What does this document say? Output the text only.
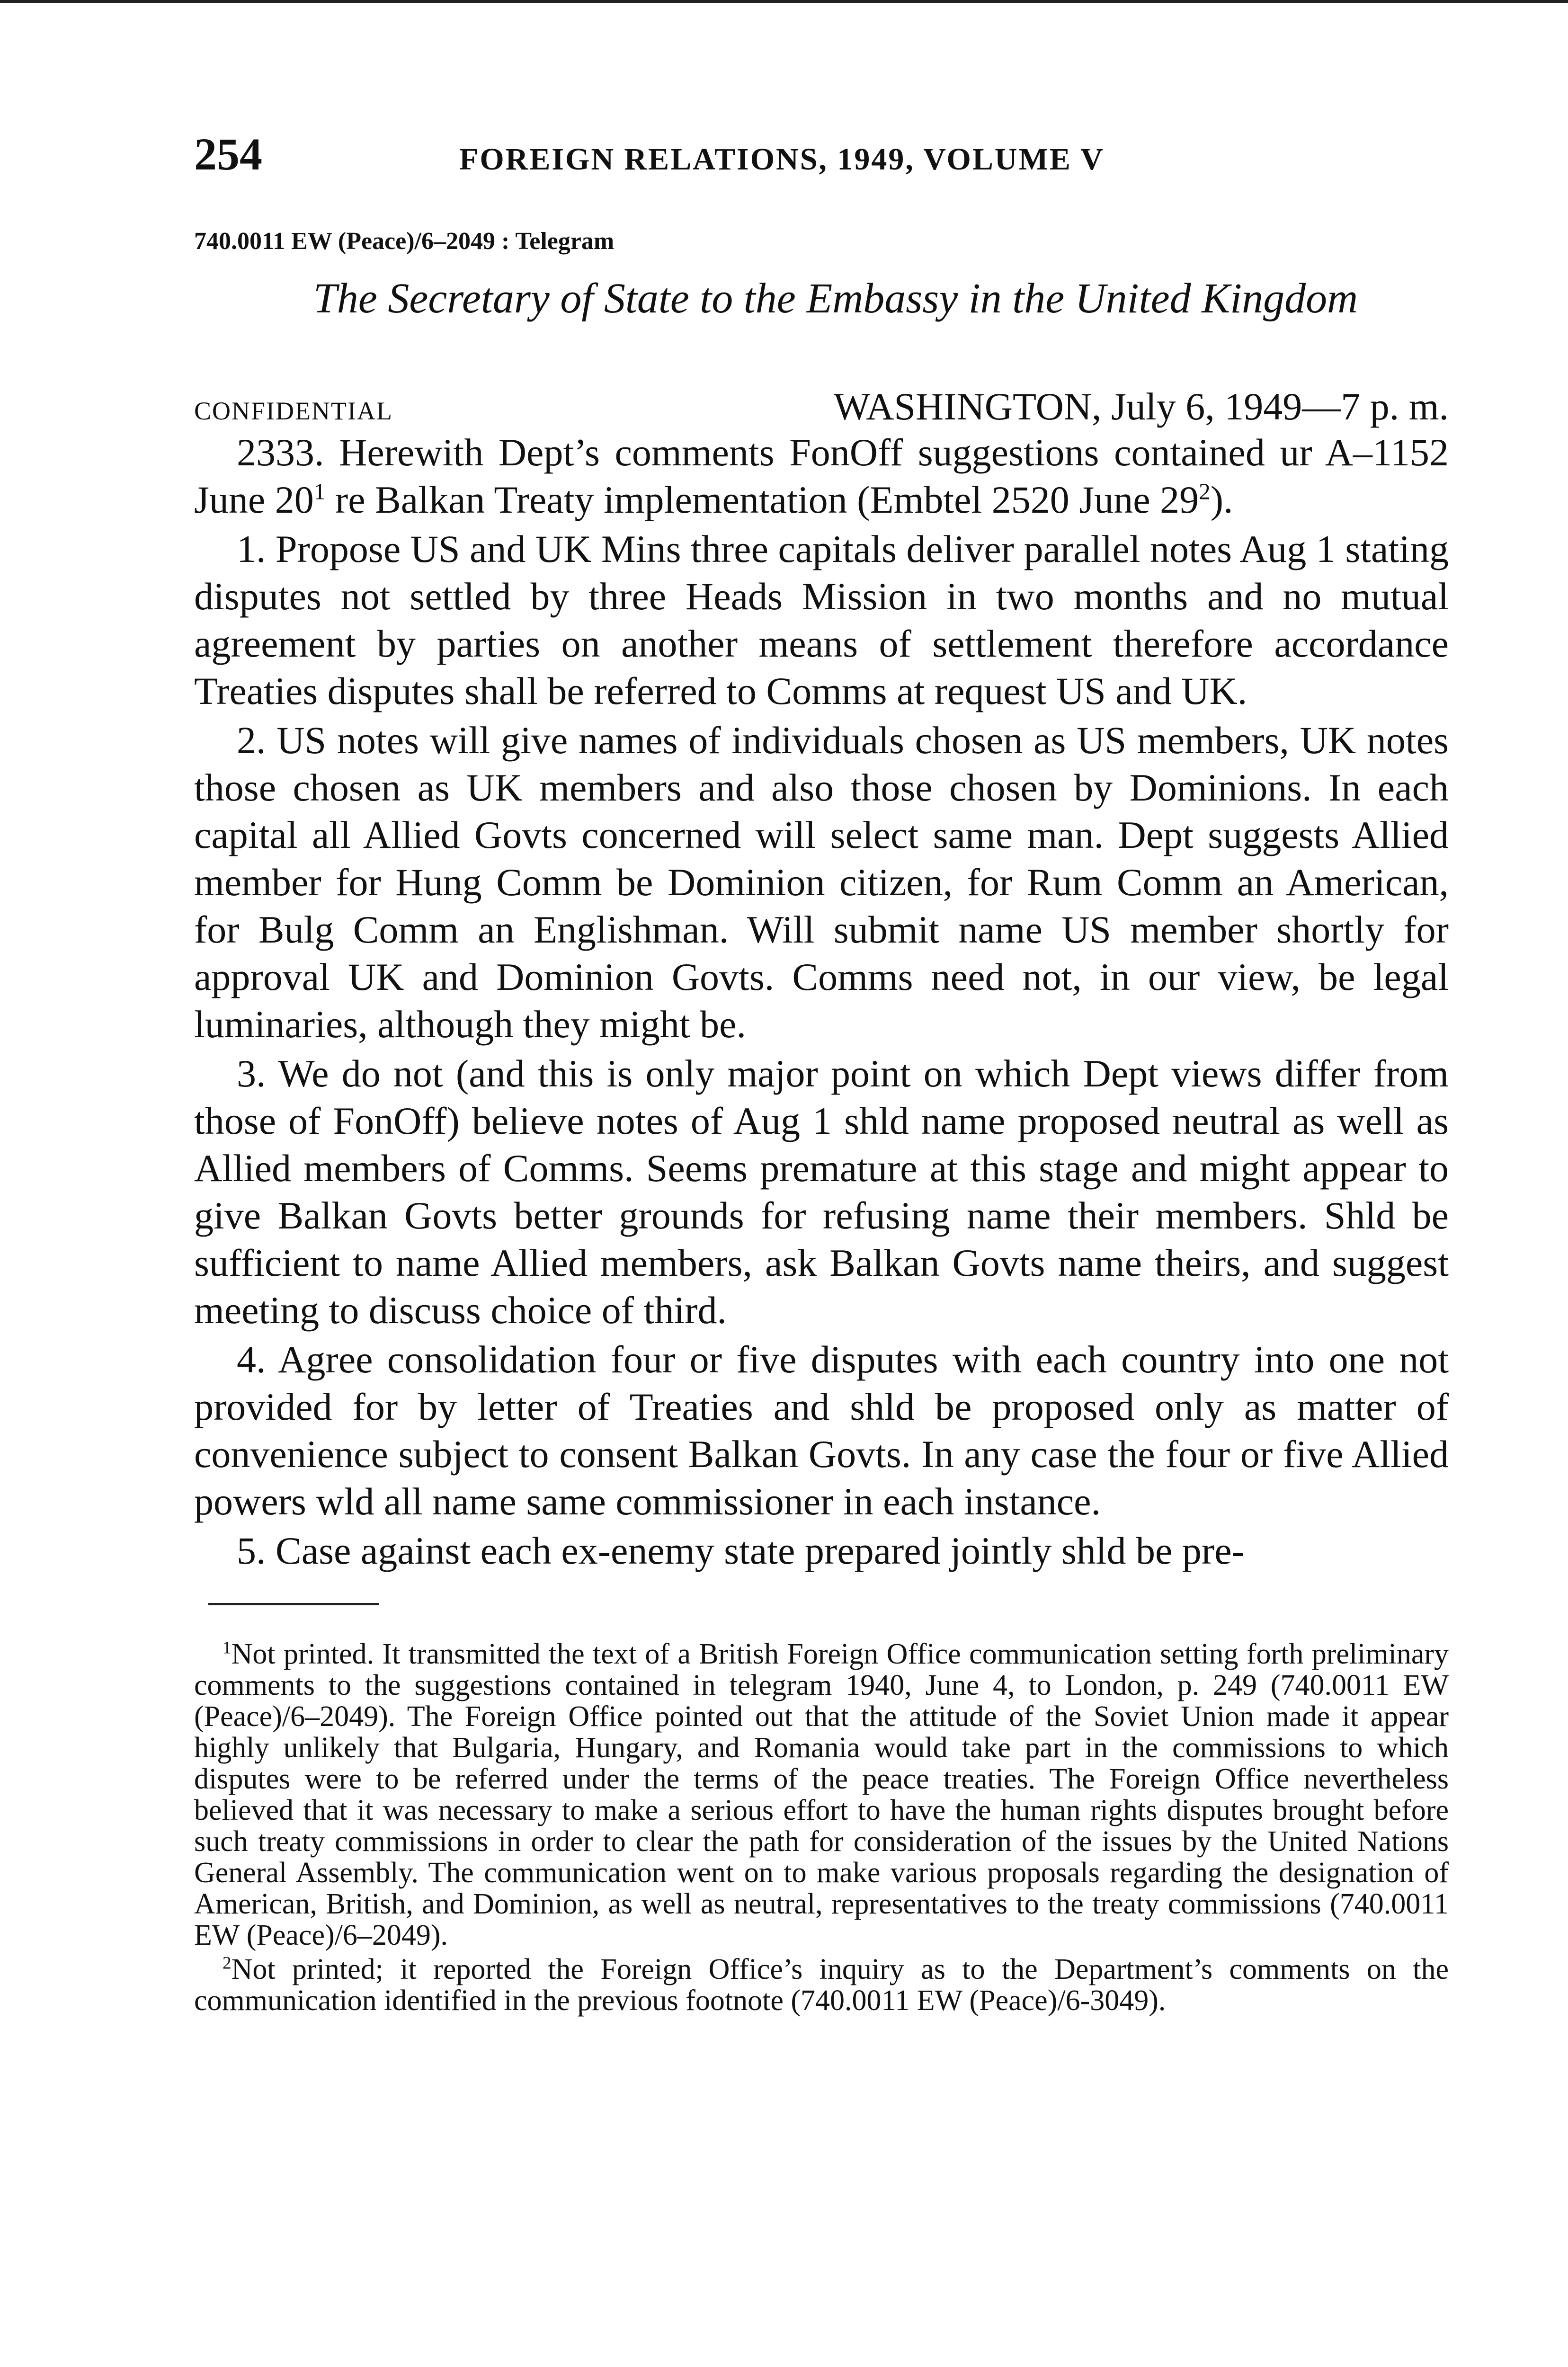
254	FOREIGN RELATIONS, 1949, VOLUME V
740.0011 EW (Peace)/6–2049 : Telegram
The Secretary of State to the Embassy in the United Kingdom
CONFIDENTIAL	WASHINGTON, July 6, 1949—7 p. m.

2333. Herewith Dept’s comments FonOff suggestions contained ur A–1152 June $20^1$ re Balkan Treaty implementation (Embtel 2520 June $29^2$).

1. Propose US and UK Mins three capitals deliver parallel notes Aug 1 stating disputes not settled by three Heads Mission in two months and no mutual agreement by parties on another means of settlement therefore accordance Treaties disputes shall be referred to Comms at request US and UK.

2. US notes will give names of individuals chosen as US members, UK notes those chosen as UK members and also those chosen by Dominions. In each capital all Allied Govts concerned will select same man. Dept suggests Allied member for Hung Comm be Dominion citizen, for Rum Comm an American, for Bulg Comm an Englishman. Will submit name US member shortly for approval UK and Dominion Govts. Comms need not, in our view, be legal luminaries, although they might be.

3. We do not (and this is only major point on which Dept views differ from those of FonOff) believe notes of Aug 1 shld name proposed neutral as well as Allied members of Comms. Seems premature at this stage and might appear to give Balkan Govts better grounds for refusing name their members. Shld be sufficient to name Allied members, ask Balkan Govts name theirs, and suggest meeting to discuss choice of third.

4. Agree consolidation four or five disputes with each country into one not provided for by letter of Treaties and shld be proposed only as matter of convenience subject to consent Balkan Govts. In any case the four or five Allied powers wld all name same commissioner in each instance.

5. Case against each ex-enemy state prepared jointly shld be pre-

$^1$Not printed. It transmitted the text of a British Foreign Office communication setting forth preliminary comments to the suggestions contained in telegram 1940, June 4, to London, p. 249 (740.0011 EW (Peace)/6–2049). The Foreign Office pointed out that the attitude of the Soviet Union made it appear highly unlikely that Bulgaria, Hungary, and Romania would take part in the commissions to which disputes were to be referred under the terms of the peace treaties. The Foreign Office nevertheless believed that it was necessary to make a serious effort to have the human rights disputes brought before such treaty commissions in order to clear the path for consideration of the issues by the United Nations General Assembly. The communication went on to make various proposals regarding the designation of American, British, and Dominion, as well as neutral, representatives to the treaty commissions (740.0011 EW (Peace)/6–2049).

$^2$Not printed; it reported the Foreign Office’s inquiry as to the Department’s comments on the communication identified in the previous footnote (740.0011 EW (Peace)/6-3049).
